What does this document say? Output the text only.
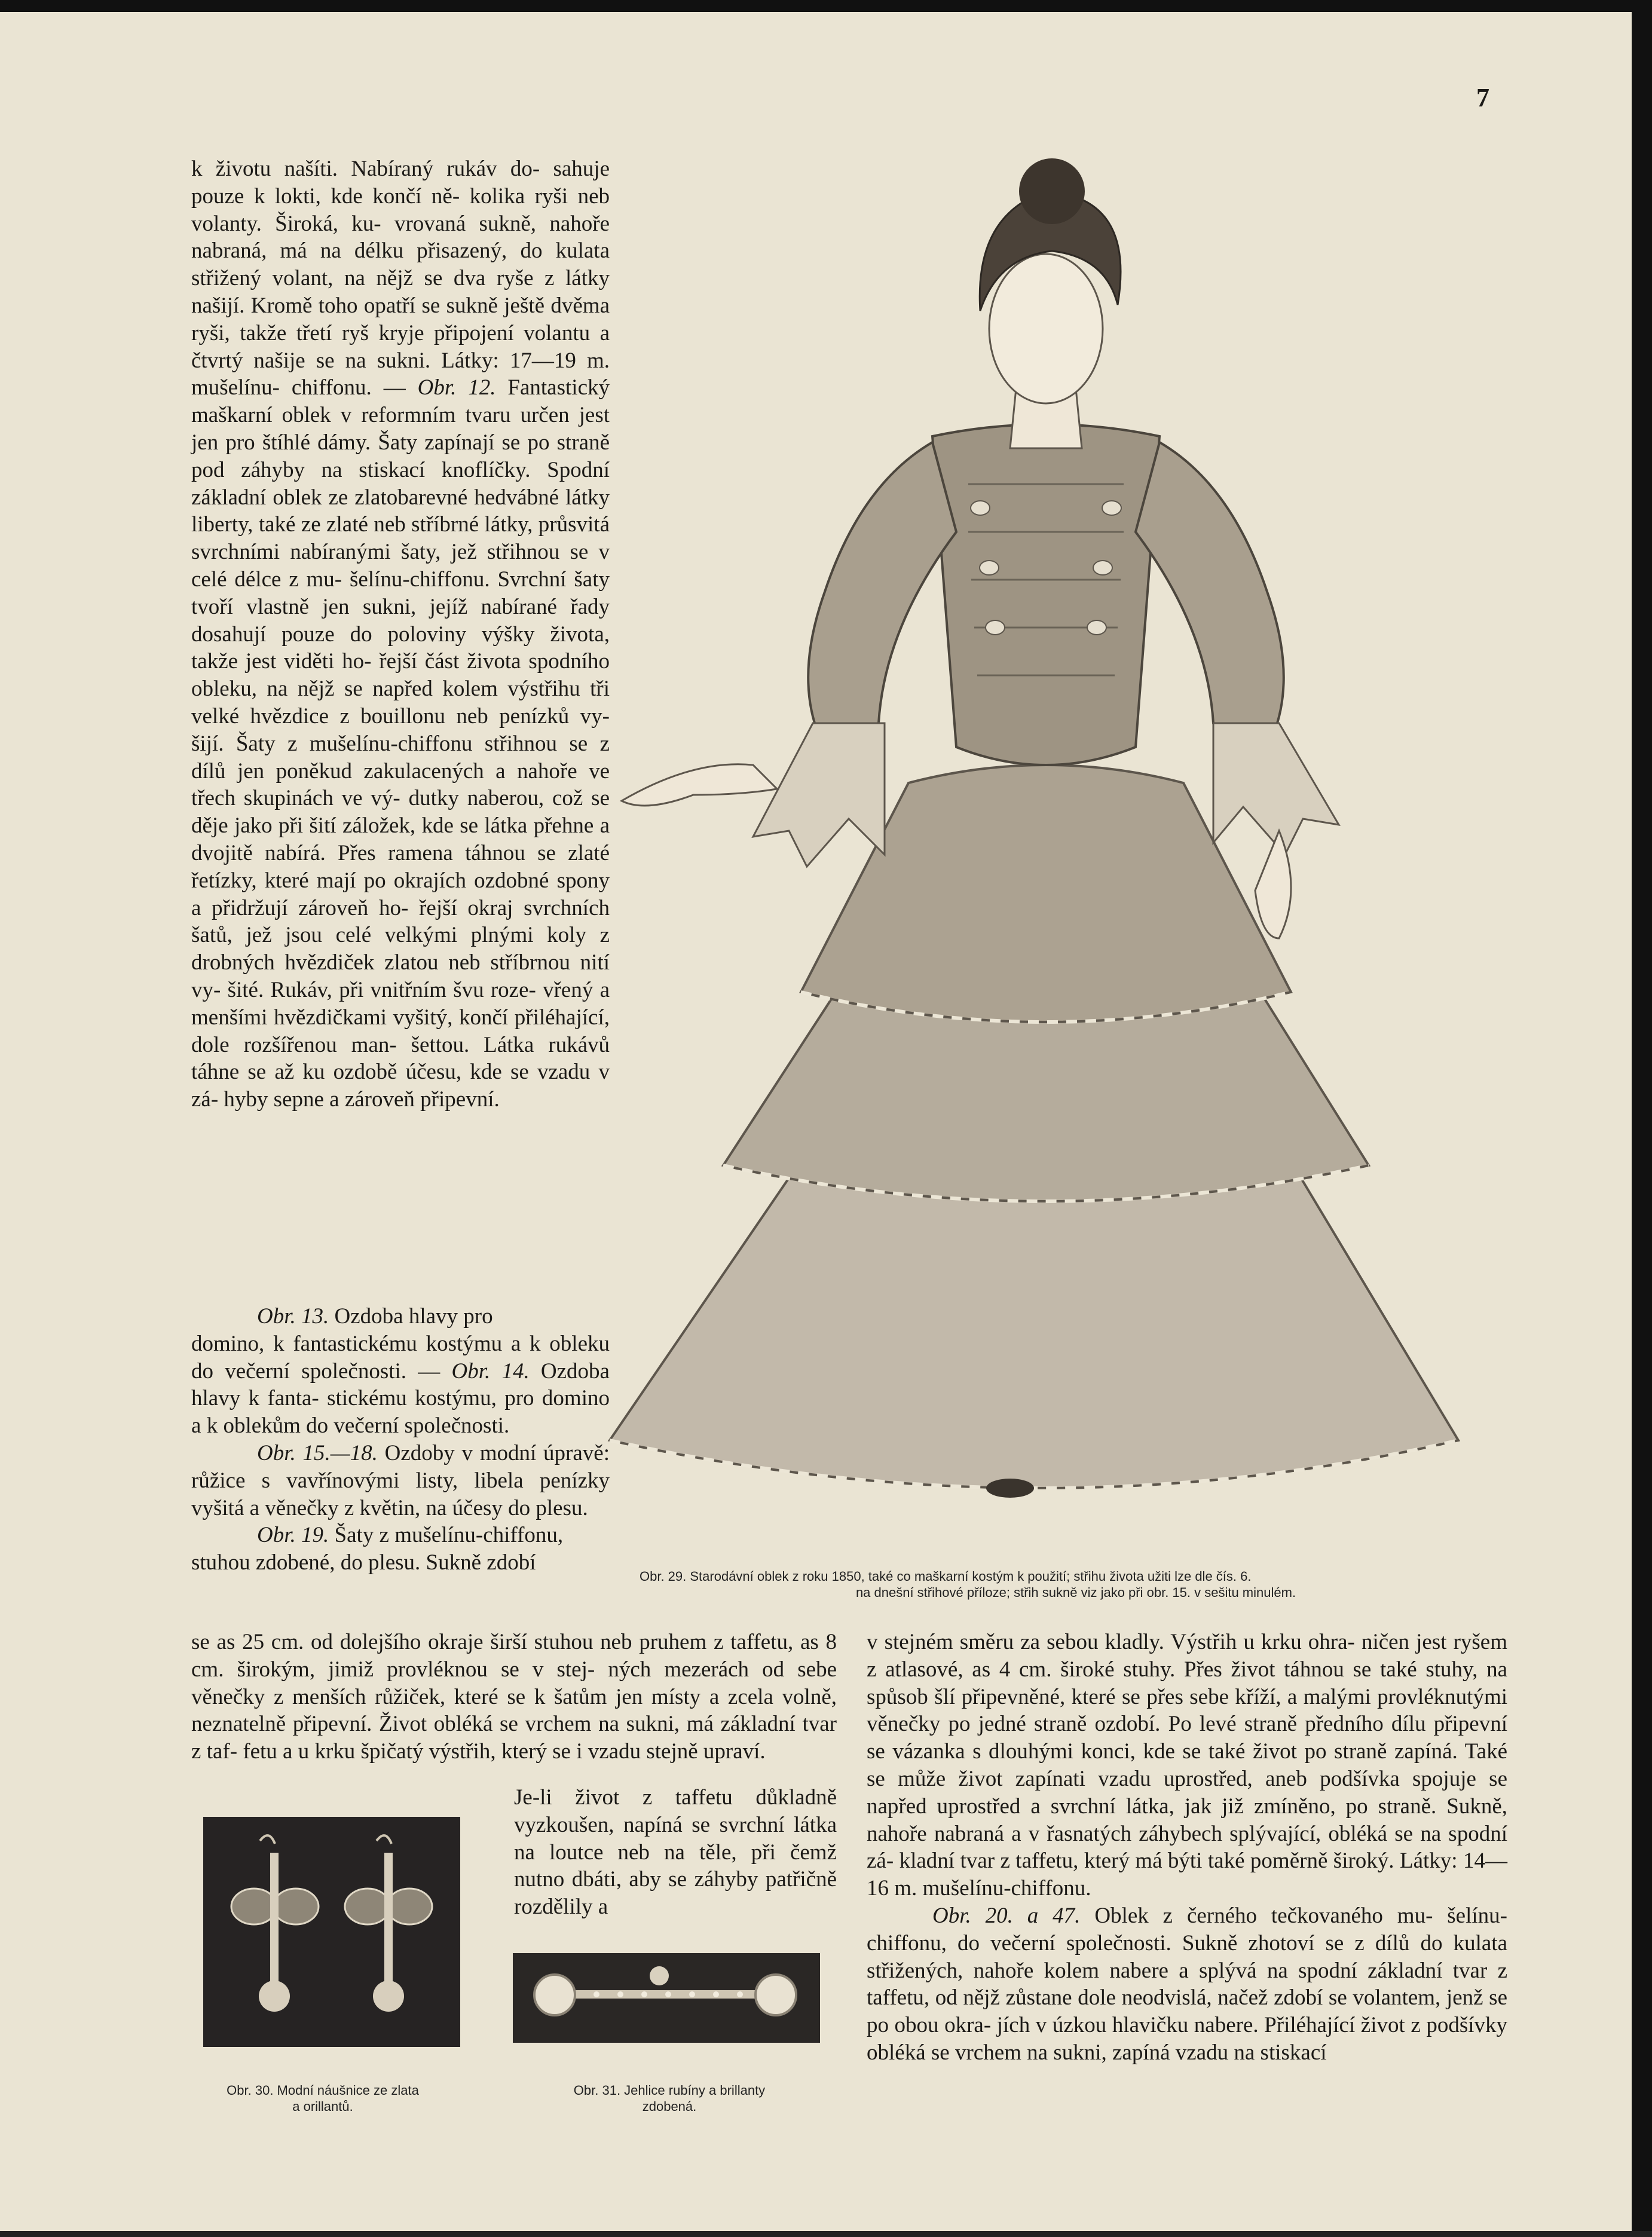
7

k životu našíti. Nabíraný rukáv do- sahuje pouze k lokti, kde končí ně- kolika ryši neb volanty. Široká, ku- vrovaná sukně, nahoře nabraná, má na délku přisazený, do kulata střižený volant, na nějž se dva ryše z látky našijí. Kromě toho opatří se sukně ještě dvěma ryši, takže třetí ryš kryje připojení volantu a čtvrtý našije se na sukni. Látky: 17—19 m. mušelínu- chiffonu. — Obr. 12. Fantastický maškarní oblek v reformním tvaru určen jest jen pro štíhlé dámy. Šaty zapínají se po straně pod záhyby na stiskací knoflíčky. Spodní základní oblek ze zlatobarevné hedvábné látky liberty, také ze zlaté neb stříbrné látky, průsvitá svrchními nabíranými šaty, jež střihnou se v celé délce z mu- šelínu-chiffonu. Svrchní šaty tvoří vlastně jen sukni, jejíž nabírané řady dosahují pouze do poloviny výšky života, takže jest viděti ho- řejší část života spodního obleku, na nějž se napřed kolem výstřihu tři velké hvězdice z bouillonu neb penízků vy- šijí. Šaty z mušelínu-chiffonu střihnou se z dílů jen poněkud zakulacených a nahoře ve třech skupinách ve vý- dutky naberou, což se děje jako při šití záložek, kde se látka přehne a dvojitě nabírá. Přes ramena táhnou se zlaté řetízky, které mají po okrajích ozdobné spony a přidržují zároveň ho- řejší okraj svrchních šatů, jež jsou celé velkými plnými koly z drobných hvězdiček zlatou neb stříbrnou nití vy- šité. Rukáv, při vnitřním švu roze- vřený a menšími hvězdičkami vyšitý, končí přiléhající, dole rozšířenou man- šettou. Látka rukávů táhne se až ku ozdobě účesu, kde se vzadu v zá- hyby sepne a zároveň připevní.

Obr. 13. Ozdoba hlavy pro

domino, k fantastickému kostýmu a k obleku do večerní společnosti. — Obr. 14. Ozdoba hlavy k fanta- stickému kostýmu, pro domino a k oblekům do večerní společnosti.

Obr. 15.—18. Ozdoby v modní úpravě: růžice s vavřínovými listy, libela penízky vyšitá a věnečky z květin, na účesy do plesu.

Obr. 19. Šaty z mušelínu-chiffonu,

stuhou zdobené, do plesu. Sukně zdobí

se as 25 cm. od dolejšího okraje širší stuhou neb pruhem z taffetu, as 8 cm. širokým, jimiž provléknou se v stej- ných mezerách od sebe věnečky z menších růžiček, které se k šatům jen místy a zcela volně, neznatelně připevní. Život obléká se vrchem na sukni, má základní tvar z taf- fetu a u krku špičatý výstřih, který se i vzadu stejně upraví.
Je-li život z taffetu důkladně vyzkoušen, napíná se svrchní látka na loutce neb na těle, při čemž nutno dbáti, aby se záhyby patřičně rozdělily a

v stejném směru za sebou kladly. Výstřih u krku ohra- ničen jest ryšem z atlasové, as 4 cm. široké stuhy. Přes život táhnou se také stuhy, na spůsob šlí připevněné, které se přes sebe kříží, a malými provléknutými věnečky po jedné straně ozdobí. Po levé straně předního dílu připevní se vázanka s dlouhými konci, kde se také život po straně zapíná. Také se může život zapínati vzadu uprostřed, aneb podšívka spojuje se napřed uprostřed a svrchní látka, jak již zmíněno, po straně. Sukně, nahoře nabraná a v řasnatých záhybech splývající, obléká se na spodní zá- kladní tvar z taffetu, který má býti také poměrně široký. Látky: 14—16 m. mušelínu-chiffonu.

Obr. 20. a 47. Oblek z černého tečkovaného mu- šelínu-chiffonu, do večerní společnosti. Sukně zhotoví se z dílů do kulata střižených, nahoře kolem nabere a splývá na spodní základní tvar z taffetu, od nějž zůstane dole neodvislá, načež zdobí se volantem, jenž se po obou okra- jích v úzkou hlavičku nabere. Přiléhající život z podšívky obléká se vrchem na sukni, zapíná vzadu na stiskací

Obr. 29. Starodávní oblek z roku 1850, také co maškarní kostým k použití; střihu života užiti lze dle čís. 6.
na dnešní střihové příloze; střih sukně viz jako při obr. 15. v sešitu minulém.
Obr. 30. Modní náušnice ze zlata
a orillantů.
Obr. 31. Jehlice rubíny a brillanty
zdobená.
